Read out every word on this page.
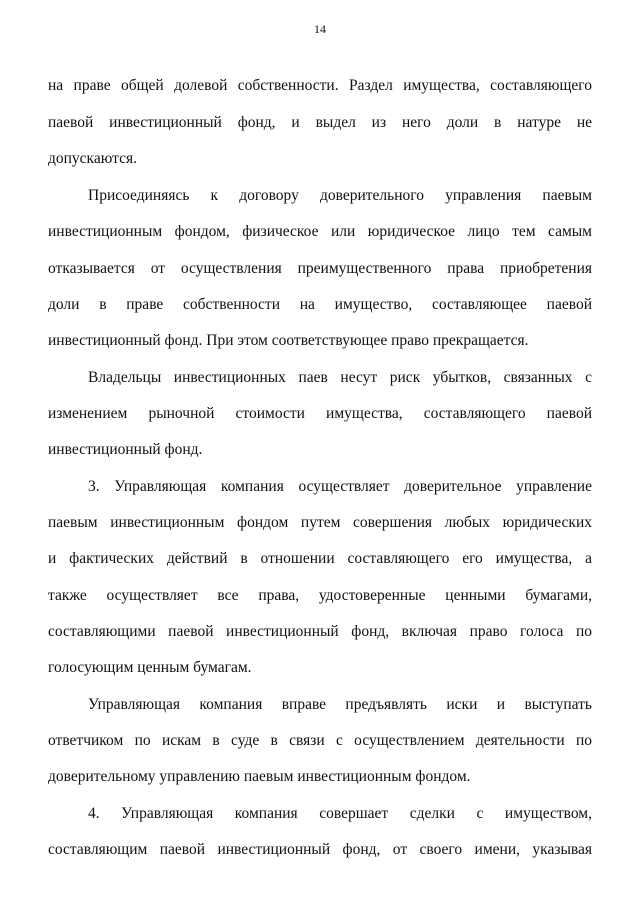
14
на праве общей долевой собственности. Раздел имущества, составляющего
паевой инвестиционный фонд, и выдел из него доли в натуре не
допускаются.
Присоединяясь к договору доверительного управления паевым
инвестиционным фондом, физическое или юридическое лицо тем самым
отказывается от осуществления преимущественного права приобретения
доли в праве собственности на имущество, составляющее паевой
инвестиционный фонд. При этом соответствующее право прекращается.
Владельцы инвестиционных паев несут риск убытков, связанных с
изменением рыночной стоимости имущества, составляющего паевой
инвестиционный фонд.
3. Управляющая компания осуществляет доверительное управление
паевым инвестиционным фондом путем совершения любых юридических
и фактических действий в отношении составляющего его имущества, а
также осуществляет все права, удостоверенные ценными бумагами,
составляющими паевой инвестиционный фонд, включая право голоса по
голосующим ценным бумагам.
Управляющая компания вправе предъявлять иски и выступать
ответчиком по искам в суде в связи с осуществлением деятельности по
доверительному управлению паевым инвестиционным фондом.
4. Управляющая компания совершает сделки с имуществом,
составляющим паевой инвестиционный фонд, от своего имени, указывая
